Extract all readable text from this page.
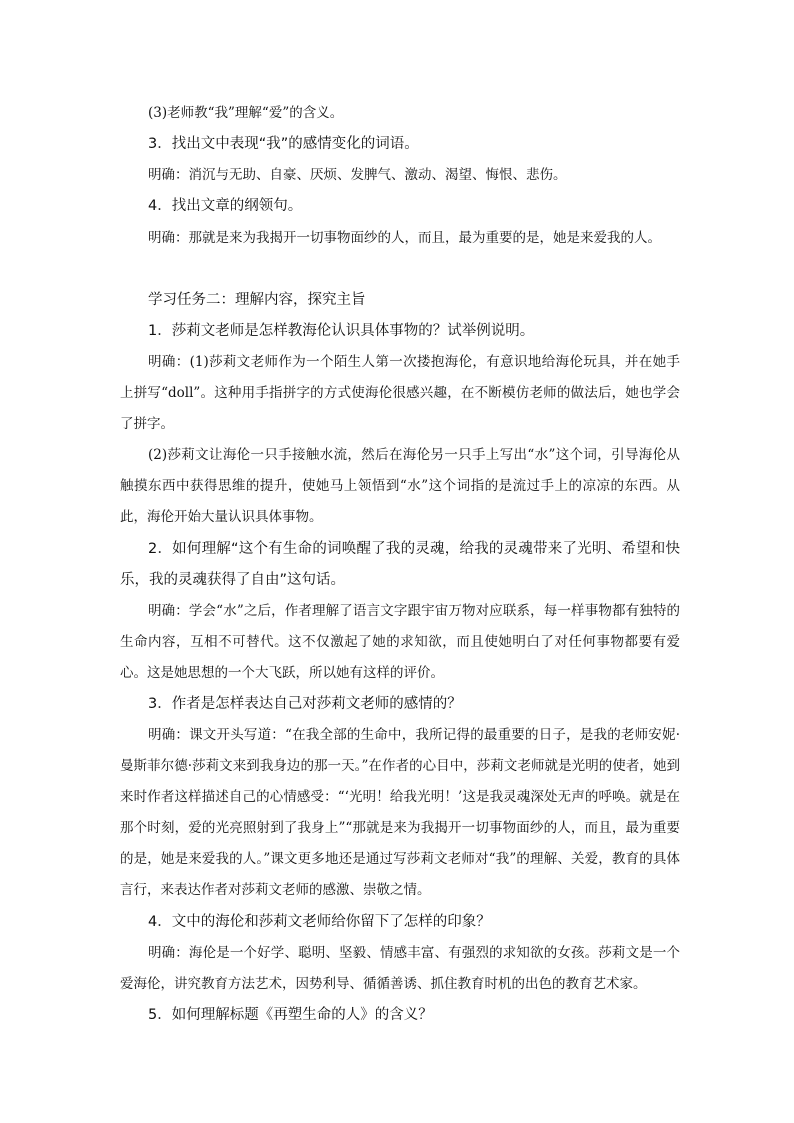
(3)老师教“我”理解“爱”的含义。

3．找出文中表现“我”的感情变化的词语。

明确：消沉与无助、自豪、厌烦、发脾气、激动、渴望、悔恨、悲伤。

4．找出文章的纲领句。

明确：那就是来为我揭开一切事物面纱的人，而且，最为重要的是，她是来爱我的人。

学习任务二：理解内容，探究主旨

1．莎莉文老师是怎样教海伦认识具体事物的？试举例说明。

明确：(1)莎莉文老师作为一个陌生人第一次搂抱海伦，有意识地给海伦玩具，并在她手上拼写“doll”。这种用手指拼字的方式使海伦很感兴趣，在不断模仿老师的做法后，她也学会了拼字。

(2)莎莉文让海伦一只手接触水流，然后在海伦另一只手上写出“水”这个词，引导海伦从触摸东西中获得思维的提升，使她马上领悟到“水”这个词指的是流过手上的凉凉的东西。从此，海伦开始大量认识具体事物。

2．如何理解“这个有生命的词唤醒了我的灵魂，给我的灵魂带来了光明、希望和快乐，我的灵魂获得了自由”这句话。

明确：学会“水”之后，作者理解了语言文字跟宇宙万物对应联系，每一样事物都有独特的生命内容，互相不可替代。这不仅激起了她的求知欲，而且使她明白了对任何事物都要有爱心。这是她思想的一个大飞跃，所以她有这样的评价。

3．作者是怎样表达自己对莎莉文老师的感情的？

明确：课文开头写道：“在我全部的生命中，我所记得的最重要的日子，是我的老师安妮·曼斯菲尔德·莎莉文来到我身边的那一天。”在作者的心目中，莎莉文老师就是光明的使者，她到来时作者这样描述自己的心情感受：“‘光明！给我光明！’这是我灵魂深处无声的呼唤。就是在那个时刻，爱的光亮照射到了我身上”“那就是来为我揭开一切事物面纱的人，而且，最为重要的是，她是来爱我的人。”课文更多地还是通过写莎莉文老师对“我”的理解、关爱，教育的具体言行，来表达作者对莎莉文老师的感激、崇敬之情。

4．文中的海伦和莎莉文老师给你留下了怎样的印象？

明确：海伦是一个好学、聪明、坚毅、情感丰富、有强烈的求知欲的女孩。莎莉文是一个爱海伦，讲究教育方法艺术，因势利导、循循善诱、抓住教育时机的出色的教育艺术家。

5．如何理解标题《再塑生命的人》的含义？
